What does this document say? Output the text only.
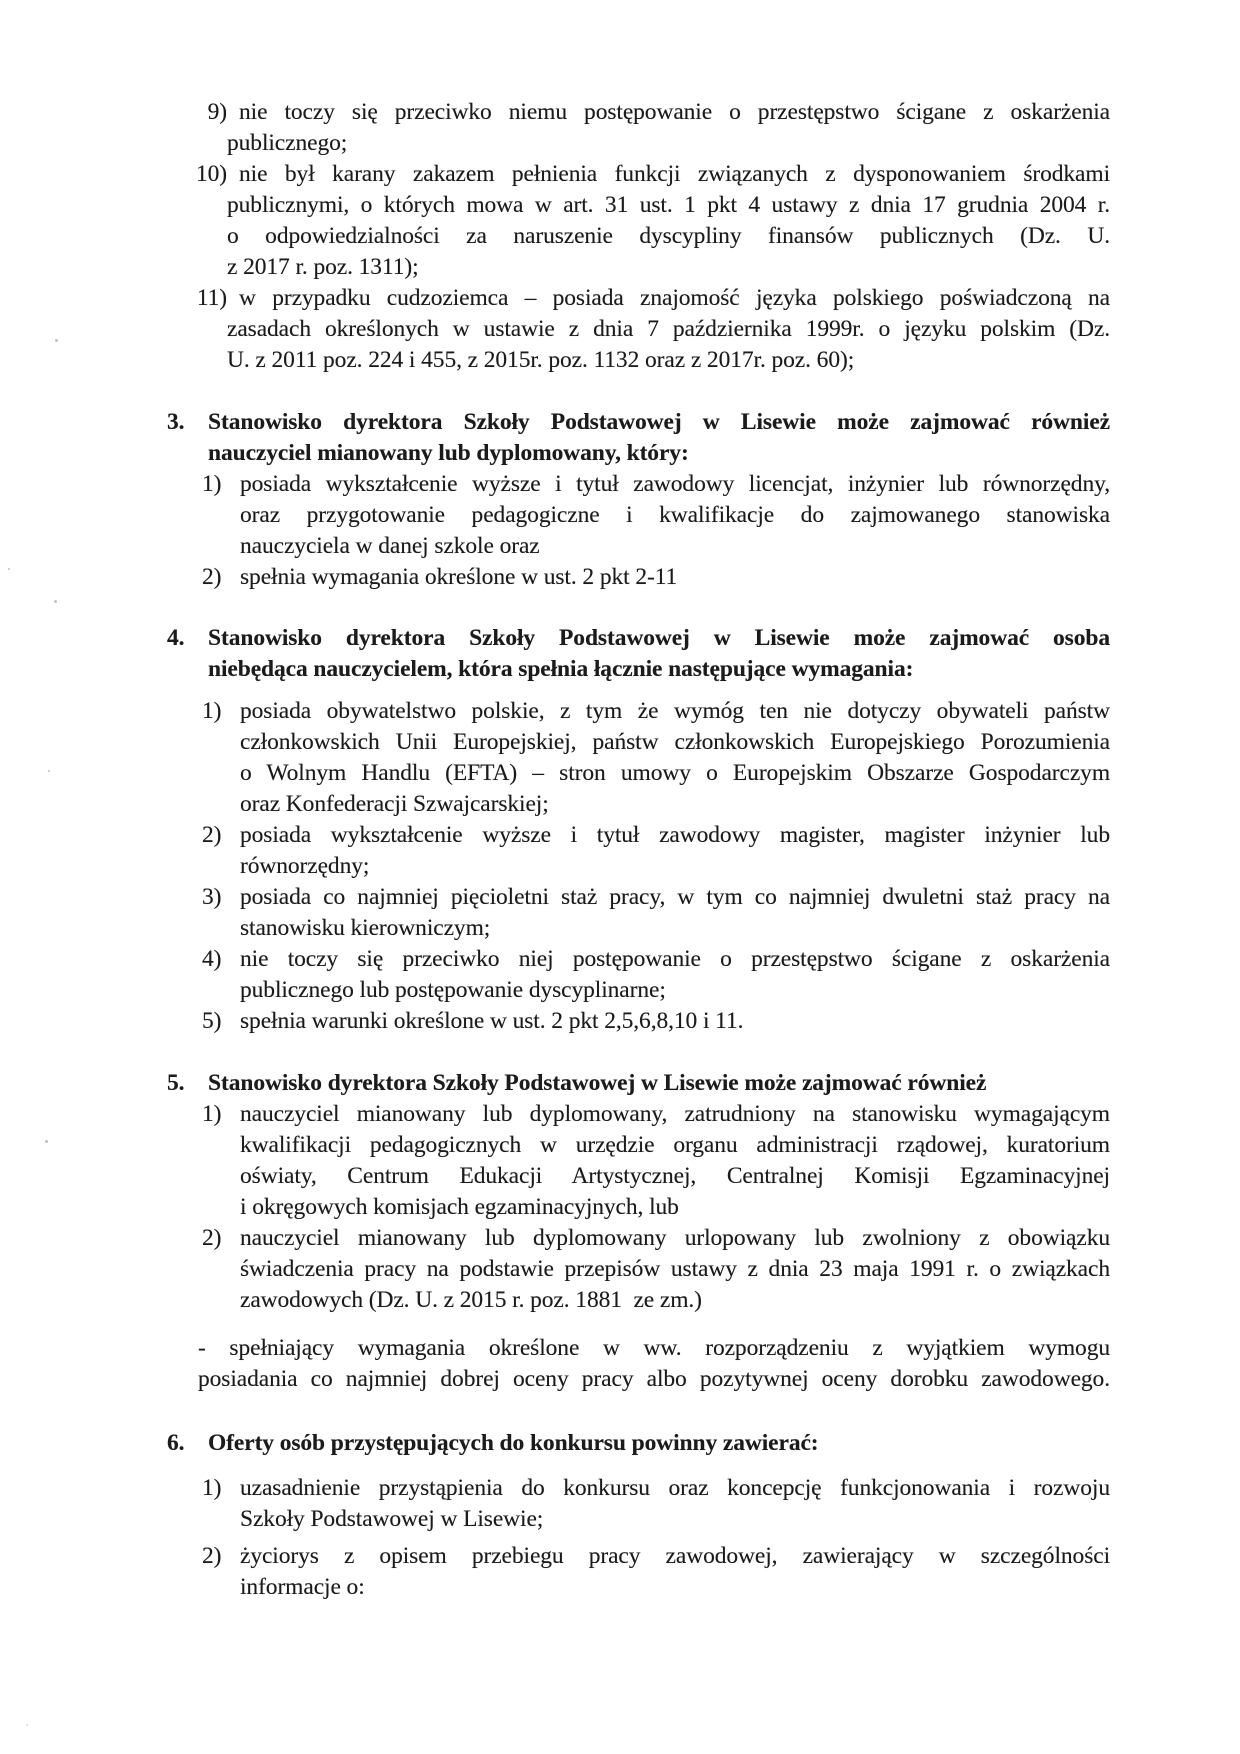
9) nie toczy się przeciwko niemu postępowanie o przestępstwo ścigane z oskarżenia
publicznego;
10) nie był karany zakazem pełnienia funkcji związanych z dysponowaniem środkami
publicznymi, o których mowa w art. 31 ust. 1 pkt 4 ustawy z dnia 17 grudnia 2004 r.
o odpowiedzialności za naruszenie dyscypliny finansów publicznych (Dz. U.
z 2017 r. poz. 1311);
11) w przypadku cudzoziemca – posiada znajomość języka polskiego poświadczoną na
zasadach określonych w ustawie z dnia 7 października 1999r. o języku polskim (Dz.
U. z 2011 poz. 224 i 455, z 2015r. poz. 1132 oraz z 2017r. poz. 60);
3. Stanowisko dyrektora Szkoły Podstawowej w Lisewie może zajmować również
nauczyciel mianowany lub dyplomowany, który:
1) posiada wykształcenie wyższe i tytuł zawodowy licencjat, inżynier lub równorzędny,
oraz przygotowanie pedagogiczne i kwalifikacje do zajmowanego stanowiska
nauczyciela w danej szkole oraz
2) spełnia wymagania określone w ust. 2 pkt 2-11
4. Stanowisko dyrektora Szkoły Podstawowej w Lisewie może zajmować osoba
niebędąca nauczycielem, która spełnia łącznie następujące wymagania:
1) posiada obywatelstwo polskie, z tym że wymóg ten nie dotyczy obywateli państw
członkowskich Unii Europejskiej, państw członkowskich Europejskiego Porozumienia
o Wolnym Handlu (EFTA) – stron umowy o Europejskim Obszarze Gospodarczym
oraz Konfederacji Szwajcarskiej;
2) posiada wykształcenie wyższe i tytuł zawodowy magister, magister inżynier lub
równorzędny;
3) posiada co najmniej pięcioletni staż pracy, w tym co najmniej dwuletni staż pracy na
stanowisku kierowniczym;
4) nie toczy się przeciwko niej postępowanie o przestępstwo ścigane z oskarżenia
publicznego lub postępowanie dyscyplinarne;
5) spełnia warunki określone w ust. 2 pkt 2,5,6,8,10 i 11.
5. Stanowisko dyrektora Szkoły Podstawowej w Lisewie może zajmować również
1) nauczyciel mianowany lub dyplomowany, zatrudniony na stanowisku wymagającym
kwalifikacji pedagogicznych w urzędzie organu administracji rządowej, kuratorium
oświaty, Centrum Edukacji Artystycznej, Centralnej Komisji Egzaminacyjnej
i okręgowych komisjach egzaminacyjnych, lub
2) nauczyciel mianowany lub dyplomowany urlopowany lub zwolniony z obowiązku
świadczenia pracy na podstawie przepisów ustawy z dnia 23 maja 1991 r. o związkach
zawodowych (Dz. U. z 2015 r. poz. 1881  ze zm.)
- spełniający wymagania określone w ww. rozporządzeniu z wyjątkiem wymogu
posiadania co najmniej dobrej oceny pracy albo pozytywnej oceny dorobku zawodowego.
6. Oferty osób przystępujących do konkursu powinny zawierać:
1) uzasadnienie przystąpienia do konkursu oraz koncepcję funkcjonowania i rozwoju
Szkoły Podstawowej w Lisewie;
2) życiorys z opisem przebiegu pracy zawodowej, zawierający w szczególności
informacje o:
